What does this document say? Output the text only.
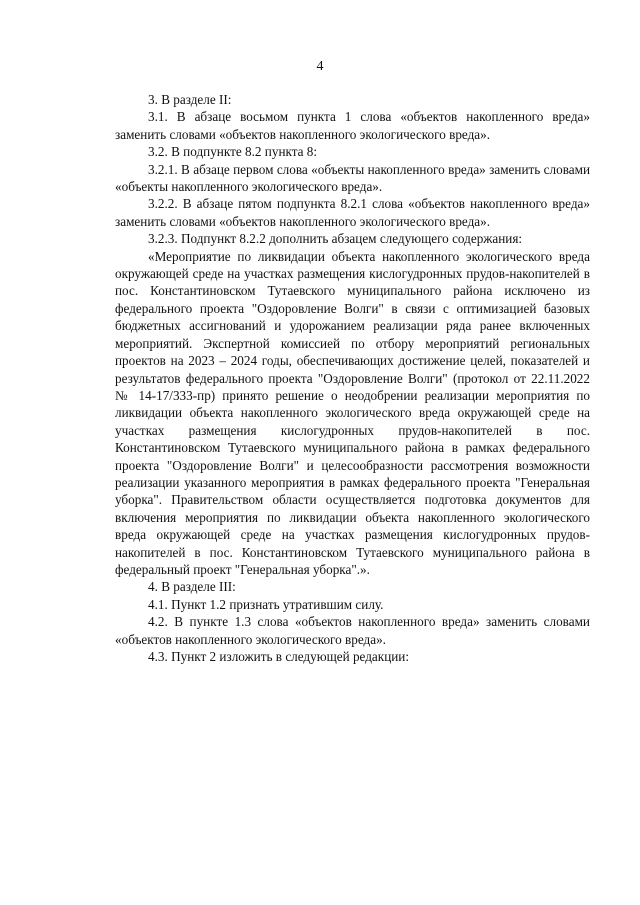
4

3. В разделе II:

3.1. В абзаце восьмом пункта 1 слова «объектов накопленного вреда» заменить словами «объектов накопленного экологического вреда».

3.2. В подпункте 8.2 пункта 8:

3.2.1. В абзаце первом слова «объекты накопленного вреда» заменить словами «объекты накопленного экологического вреда».

3.2.2. В абзаце пятом подпункта 8.2.1 слова «объектов накопленного вреда» заменить словами «объектов накопленного экологического вреда».

3.2.3. Подпункт 8.2.2 дополнить абзацем следующего содержания:

«Мероприятие по ликвидации объекта накопленного экологического вреда окружающей среде на участках размещения кислогудронных прудов-накопителей в пос. Константиновском Тутаевского муниципального района исключено из федерального проекта "Оздоровление Волги" в связи с оптимизацией базовых бюджетных ассигнований и удорожанием реализации ряда ранее включенных мероприятий. Экспертной комиссией по отбору мероприятий региональных проектов на 2023 – 2024 годы, обеспечивающих достижение целей, показателей и результатов федерального проекта "Оздоровление Волги" (протокол от 22.11.2022 № 14-17/333-пр) принято решение о неодобрении реализации мероприятия по ликвидации объекта накопленного экологического вреда окружающей среде на участках размещения кислогудронных прудов-накопителей в пос. Константиновском Тутаевского муниципального района в рамках федерального проекта "Оздоровление Волги" и целесообразности рассмотрения возможности реализации указанного мероприятия в рамках федерального проекта "Генеральная уборка". Правительством области осуществляется подготовка документов для включения мероприятия по ликвидации объекта накопленного экологического вреда окружающей среде на участках размещения кислогудронных прудов-накопителей в пос. Константиновском Тутаевского муниципального района в федеральный проект "Генеральная уборка".».

4. В разделе III:

4.1. Пункт 1.2 признать утратившим силу.

4.2. В пункте 1.3 слова «объектов накопленного вреда» заменить словами «объектов накопленного экологического вреда».

4.3. Пункт 2 изложить в следующей редакции:
